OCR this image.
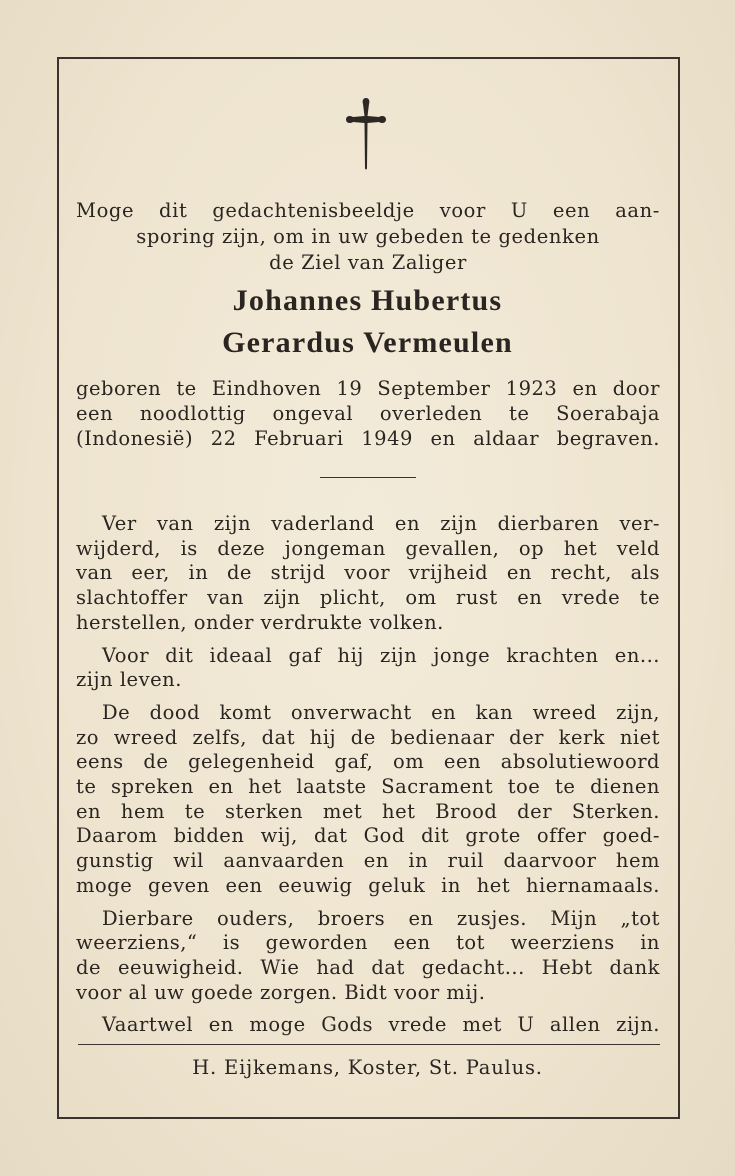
Moge dit gedachtenisbeeldje voor U een aan-
sporing zijn, om in uw gebeden te gedenken
de Ziel van Zaliger
Johannes Hubertus
Gerardus Vermeulen
geboren te Eindhoven 19 September 1923 en door
een noodlottig ongeval overleden te Soerabaja
(Indonesië) 22 Februari 1949 en aldaar begraven.
Ver van zijn vaderland en zijn dierbaren ver-
wijderd, is deze jongeman gevallen, op het veld
van eer, in de strijd voor vrijheid en recht, als
slachtoffer van zijn plicht, om rust en vrede te
herstellen, onder verdrukte volken.
Voor dit ideaal gaf hij zijn jonge krachten en...
zijn leven.
De dood komt onverwacht en kan wreed zijn,
zo wreed zelfs, dat hij de bedienaar der kerk niet
eens de gelegenheid gaf, om een absolutiewoord
te spreken en het laatste Sacrament toe te dienen
en hem te sterken met het Brood der Sterken.
Daarom bidden wij, dat God dit grote offer goed-
gunstig wil aanvaarden en in ruil daarvoor hem
moge geven een eeuwig geluk in het hiernamaals.
Dierbare ouders, broers en zusjes. Mijn „tot
weerziens,“ is geworden een tot weerziens in
de eeuwigheid. Wie had dat gedacht... Hebt dank
voor al uw goede zorgen. Bidt voor mij.
Vaartwel en moge Gods vrede met U allen zijn.
H. Eijkemans, Koster, St. Paulus.
